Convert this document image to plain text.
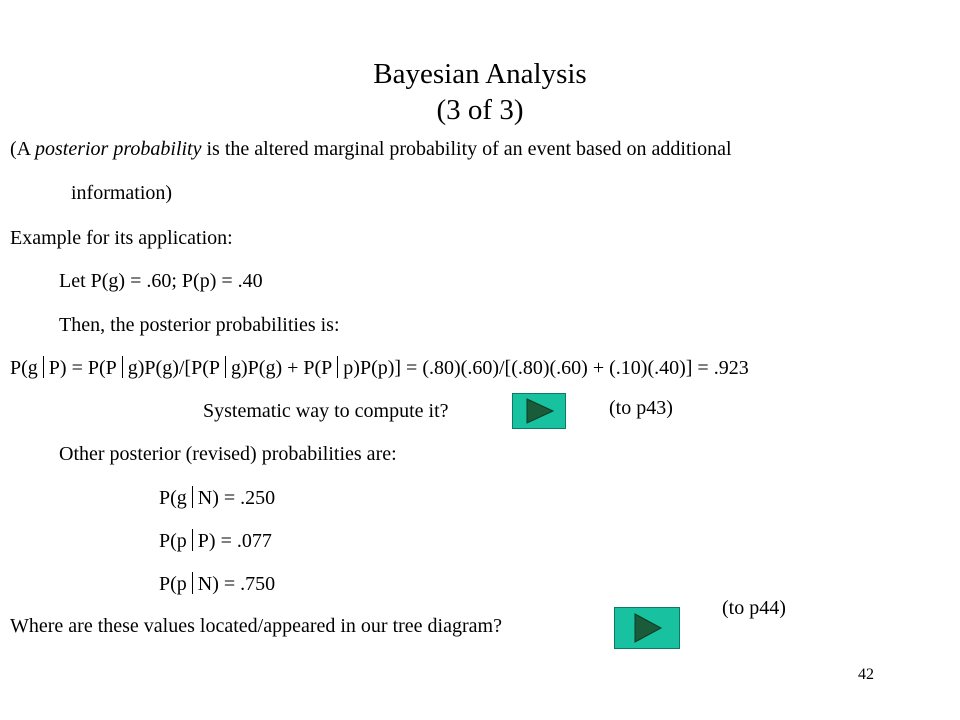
Bayesian Analysis
(3 of 3)
(A posterior probability is the altered marginal probability of an event based on additional
information)
Example for its application:
Let P(g) = .60; P(p) = .40
Then, the posterior probabilities is:
P(g P) = P(P g)P(g)/[P(P g)P(g) + P(P p)P(p)] = (.80)(.60)/[(.80)(.60) + (.10)(.40)] = .923
Systematic way to compute it?	(to p43)
Other posterior (revised) probabilities are:
P(g N) = .250
P(p P) = .077
P(p N) = .750
(to p44)
Where are these values located/appeared in our tree diagram?
42
